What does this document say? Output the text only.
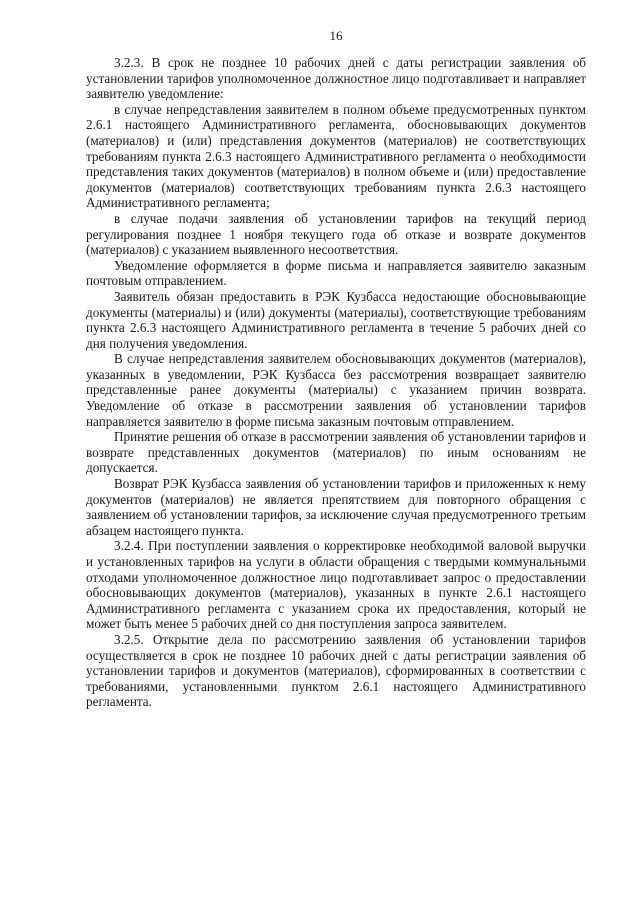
16

3.2.3. В срок не позднее 10 рабочих дней с даты регистрации заявления об установлении тарифов уполномоченное должностное лицо подготавливает и направляет заявителю уведомление:

в случае непредставления заявителем в полном объеме предусмотренных пунктом 2.6.1 настоящего Административного регламента, обосновывающих документов (материалов) и (или) представления документов (материалов) не соответствующих требованиям пункта 2.6.3 настоящего Административного регламента о необходимости представления таких документов (материалов) в полном объеме и (или) предоставление документов (материалов) соответствующих требованиям пункта 2.6.3 настоящего Административного регламента;

в случае подачи заявления об установлении тарифов на текущий период регулирования позднее 1 ноября текущего года об отказе и возврате документов (материалов) с указанием выявленного несоответствия.

Уведомление оформляется в форме письма и направляется заявителю заказным почтовым отправлением.

Заявитель обязан предоставить в РЭК Кузбасса недостающие обосновывающие документы (материалы) и (или) документы (материалы), соответствующие требованиям пункта 2.6.3 настоящего Административного регламента в течение 5 рабочих дней со дня получения уведомления.

В случае непредставления заявителем обосновывающих документов (материалов), указанных в уведомлении, РЭК Кузбасса без рассмотрения возвращает заявителю представленные ранее документы (материалы) с указанием причин возврата. Уведомление об отказе в рассмотрении заявления об установлении тарифов направляется заявителю в форме письма заказным почтовым отправлением.

Принятие решения об отказе в рассмотрении заявления об установлении тарифов и возврате представленных документов (материалов) по иным основаниям не допускается.

Возврат РЭК Кузбасса заявления об установлении тарифов и приложенных к нему документов (материалов) не является препятствием для повторного обращения с заявлением об установлении тарифов, за исключение случая предусмотренного третьим абзацем настоящего пункта.

3.2.4. При поступлении заявления о корректировке необходимой валовой выручки и установленных тарифов на услуги в области обращения с твердыми коммунальными отходами уполномоченное должностное лицо подготавливает запрос о предоставлении обосновывающих документов (материалов), указанных в пункте 2.6.1 настоящего Административного регламента с указанием срока их предоставления, который не может быть менее 5 рабочих дней со дня поступления запроса заявителем.

3.2.5. Открытие дела по рассмотрению заявления об установлении тарифов осуществляется в срок не позднее 10 рабочих дней с даты регистрации заявления об установлении тарифов и документов (материалов), сформированных в соответствии с требованиями, установленными пунктом 2.6.1 настоящего Административного регламента.
